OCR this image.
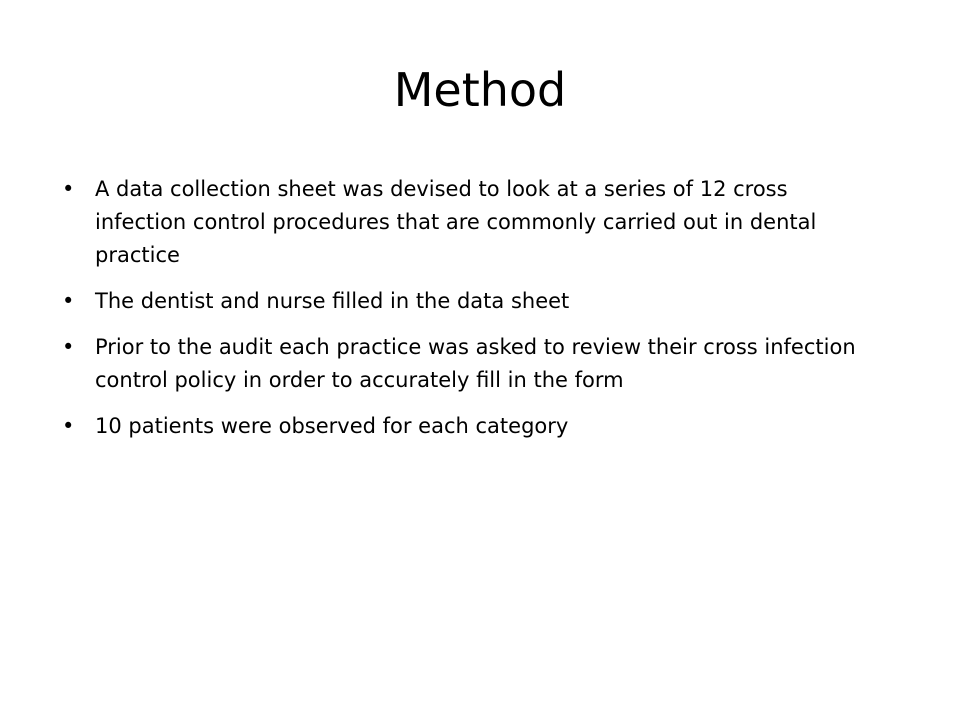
Method
• A data collection sheet was devised to look at a series of 12 cross infection control procedures that are commonly carried out in dental practice
• The dentist and nurse filled in the data sheet
• Prior to the audit each practice was asked to review their cross infection control policy in order to accurately fill in the form
• 10 patients were observed for each category
